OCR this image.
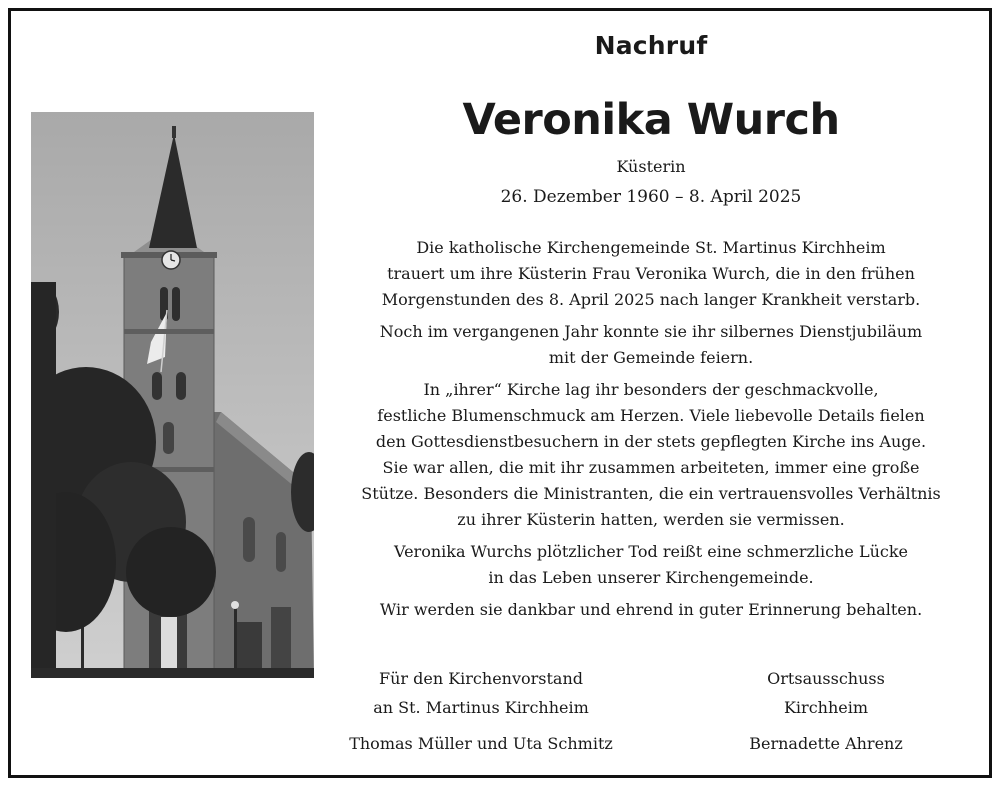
Nachruf
Veronika Wurch
Küsterin
26. Dezember 1960 – 8. April 2025

Die katholische Kirchengemeinde St. Martinus Kirchheim
trauert um ihre Küsterin Frau Veronika Wurch, die in den frühen
Morgenstunden des 8. April 2025 nach langer Krankheit verstarb.

Noch im vergangenen Jahr konnte sie ihr silbernes Dienstjubiläum
mit der Gemeinde feiern.

In „ihrer“ Kirche lag ihr besonders der geschmackvolle,
festliche Blumenschmuck am Herzen. Viele liebevolle Details fielen
den Gottesdienstbesuchern in der stets gepflegten Kirche ins Auge.
Sie war allen, die mit ihr zusammen arbeiteten, immer eine große
Stütze. Besonders die Ministranten, die ein vertrauensvolles Verhältnis
zu ihrer Küsterin hatten, werden sie vermissen.

Veronika Wurchs plötzlicher Tod reißt eine schmerzliche Lücke
in das Leben unserer Kirchengemeinde.

Wir werden sie dankbar und ehrend in guter Erinnerung behalten.

Für den Kirchenvorstand
an St. Martinus Kirchheim
Thomas Müller und Uta Schmitz
Ortsausschuss
Kirchheim
Bernadette Ahrenz
